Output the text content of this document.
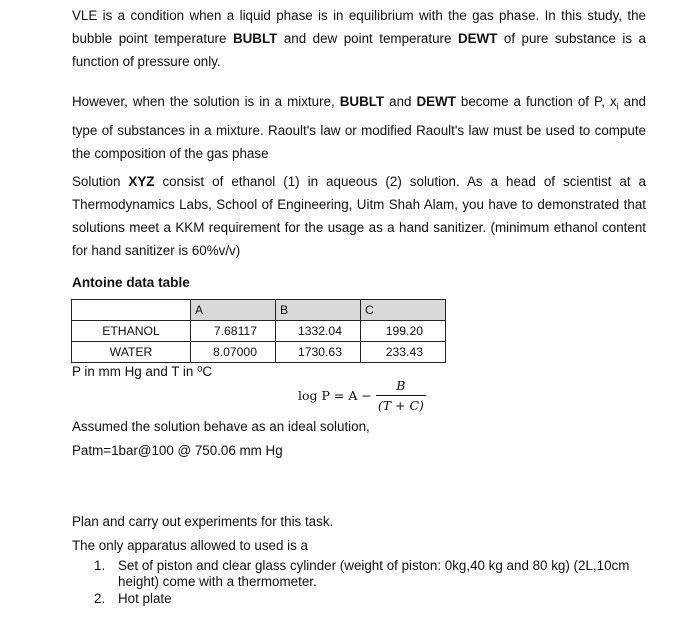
VLE is a condition when a liquid phase is in equilibrium with the gas phase. In this study, the bubble point temperature BUBLT and dew point temperature DEWT of pure substance is a function of pressure only.
However, when the solution is in a mixture, BUBLT and DEWT become a function of P, $x_i$ and type of substances in a mixture. Raoult's law or modified Raoult's law must be used to compute the composition of the gas phase
Solution XYZ consist of ethanol (1) in aqueous (2) solution. As a head of scientist at a Thermodynamics Labs, School of Engineering, Uitm Shah Alam, you have to demonstrated that solutions meet a KKM requirement for the usage as a hand sanitizer. (minimum ethanol content for hand sanitizer is 60%v/v)
Antoine data table
	A	B	C
ETHANOL	7.68117	1332.04	199.20
WATER	8.07000	1730.63	233.43
P in mm Hg and T in ⁰C
$\log P = A - \frac{B}{(T + C)}$
Assumed the solution behave as an ideal solution,
Patm=1bar@100 @ 750.06 mm Hg
Plan and carry out experiments for this task.
The only apparatus allowed to used is a
1. Set of piston and clear glass cylinder (weight of piston: 0kg,40 kg and 80 kg) (2L,10cm height) come with a thermometer.
2. Hot plate
